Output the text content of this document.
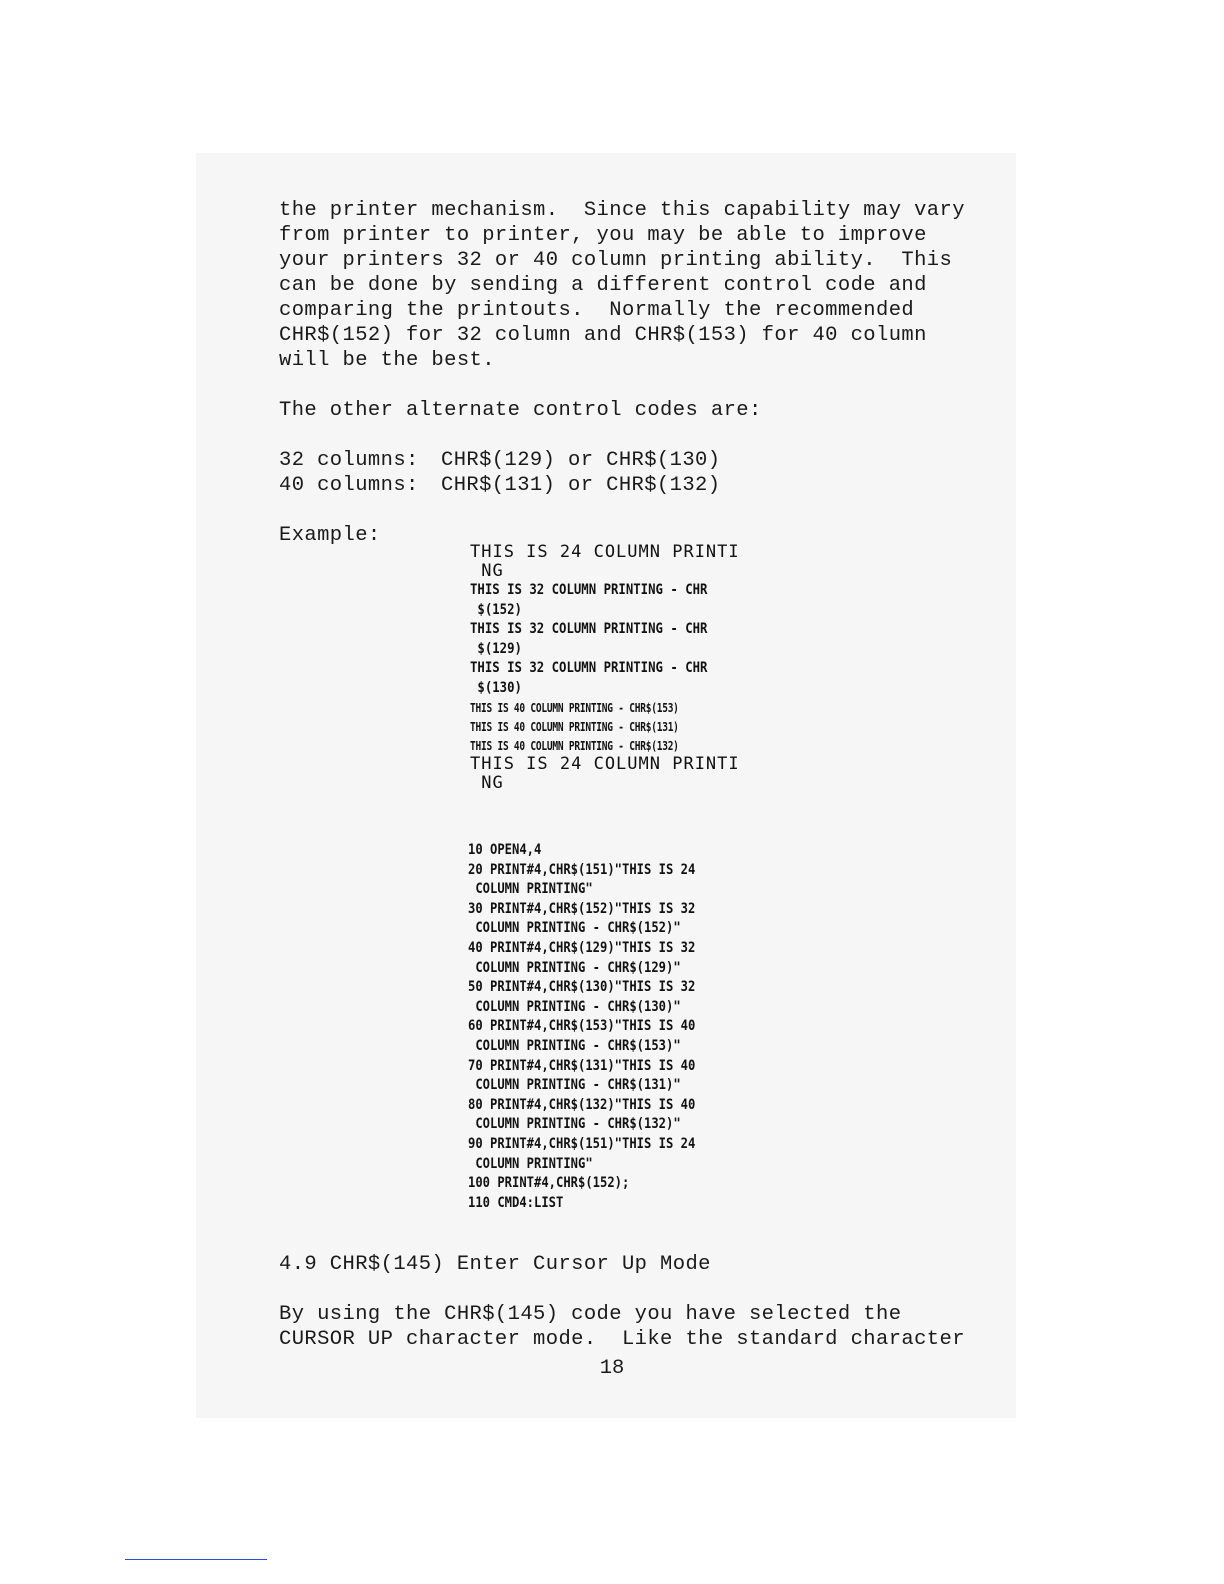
the printer mechanism.  Since this capability may vary

from printer to printer, you may be able to improve

your printers 32 or 40 column printing ability.  This

can be done by sending a different control code and

comparing the printouts.  Normally the recommended

CHR$(152) for 32 column and CHR$(153) for 40 column

will be the best.

The other alternate control codes are:

32 columns:	CHR$(129) or CHR$(130)
40 columns:	CHR$(131) or CHR$(132)

Example:

THIS IS 24 COLUMN PRINTI

NG

THIS IS 32 COLUMN PRINTING - CHR

$(152)

THIS IS 32 COLUMN PRINTING - CHR

$(129)

THIS IS 32 COLUMN PRINTING - CHR

$(130)

THIS IS 40 COLUMN PRINTING - CHR$(153)

THIS IS 40 COLUMN PRINTING - CHR$(131)

THIS IS 40 COLUMN PRINTING - CHR$(132)

THIS IS 24 COLUMN PRINTI

NG

10 OPEN4,4

20 PRINT#4,CHR$(151)"THIS IS 24

COLUMN PRINTING"

30 PRINT#4,CHR$(152)"THIS IS 32

COLUMN PRINTING - CHR$(152)"

40 PRINT#4,CHR$(129)"THIS IS 32

COLUMN PRINTING - CHR$(129)"

50 PRINT#4,CHR$(130)"THIS IS 32

COLUMN PRINTING - CHR$(130)"

60 PRINT#4,CHR$(153)"THIS IS 40

COLUMN PRINTING - CHR$(153)"

70 PRINT#4,CHR$(131)"THIS IS 40

COLUMN PRINTING - CHR$(131)"

80 PRINT#4,CHR$(132)"THIS IS 40

COLUMN PRINTING - CHR$(132)"

90 PRINT#4,CHR$(151)"THIS IS 24

COLUMN PRINTING"

100 PRINT#4,CHR$(152);

110 CMD4:LIST

4.9 CHR$(145) Enter Cursor Up Mode

By using the CHR$(145) code you have selected the

CURSOR UP character mode.  Like the standard character

18
